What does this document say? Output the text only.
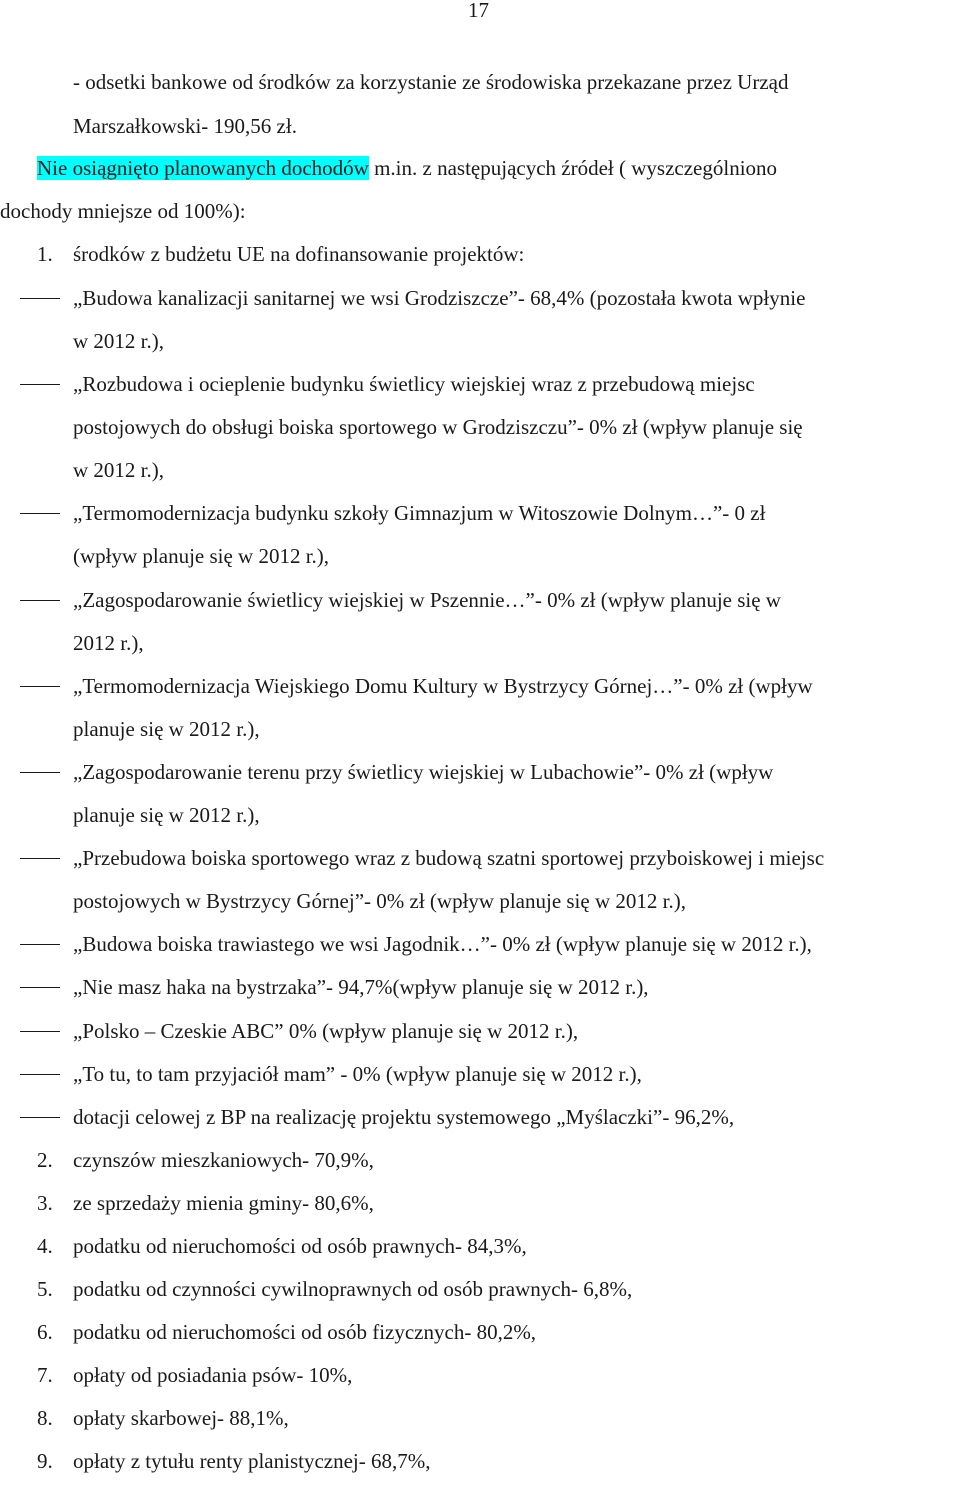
17
- odsetki bankowe od środków za korzystanie ze środowiska przekazane przez Urząd
Marszałkowski- 190,56 zł.
Nie osiągnięto planowanych dochodów m.in. z następujących źródeł ( wyszczególniono
dochody mniejsze od 100%):
1. środków z budżetu UE na dofinansowanie projektów:
„Budowa kanalizacji sanitarnej we wsi Grodziszcze”- 68,4% (pozostała kwota wpłynie
w 2012 r.),
„Rozbudowa i ocieplenie budynku świetlicy wiejskiej wraz z przebudową miejsc
postojowych do obsługi boiska sportowego w Grodziszczu”- 0% zł (wpływ planuje się
w 2012 r.),
„Termomodernizacja budynku szkoły Gimnazjum w Witoszowie Dolnym…”- 0 zł
(wpływ planuje się w 2012 r.),
„Zagospodarowanie świetlicy wiejskiej w Pszennie…”- 0% zł (wpływ planuje się w
2012 r.),
„Termomodernizacja Wiejskiego Domu Kultury w Bystrzycy Górnej…”- 0% zł (wpływ
planuje się w 2012 r.),
„Zagospodarowanie terenu przy świetlicy wiejskiej w Lubachowie”- 0% zł (wpływ
planuje się w 2012 r.),
„Przebudowa boiska sportowego wraz z budową szatni sportowej przyboiskowej i miejsc
postojowych w Bystrzycy Górnej”- 0% zł (wpływ planuje się w 2012 r.),
„Budowa boiska trawiastego we wsi Jagodnik…”- 0% zł (wpływ planuje się w 2012 r.),
„Nie masz haka na bystrzaka”- 94,7%(wpływ planuje się w 2012 r.),
„Polsko – Czeskie ABC” 0% (wpływ planuje się w 2012 r.),
„To tu, to tam przyjaciół mam” - 0% (wpływ planuje się w 2012 r.),
dotacji celowej z BP na realizację projektu systemowego „Myślaczki”- 96,2%,
2. czynszów mieszkaniowych- 70,9%,
3. ze sprzedaży mienia gminy- 80,6%,
4. podatku od nieruchomości od osób prawnych- 84,3%,
5. podatku od czynności cywilnoprawnych od osób prawnych- 6,8%,
6. podatku od nieruchomości od osób fizycznych- 80,2%,
7. opłaty od posiadania psów- 10%,
8. opłaty skarbowej- 88,1%,
9. opłaty z tytułu renty planistycznej- 68,7%,
